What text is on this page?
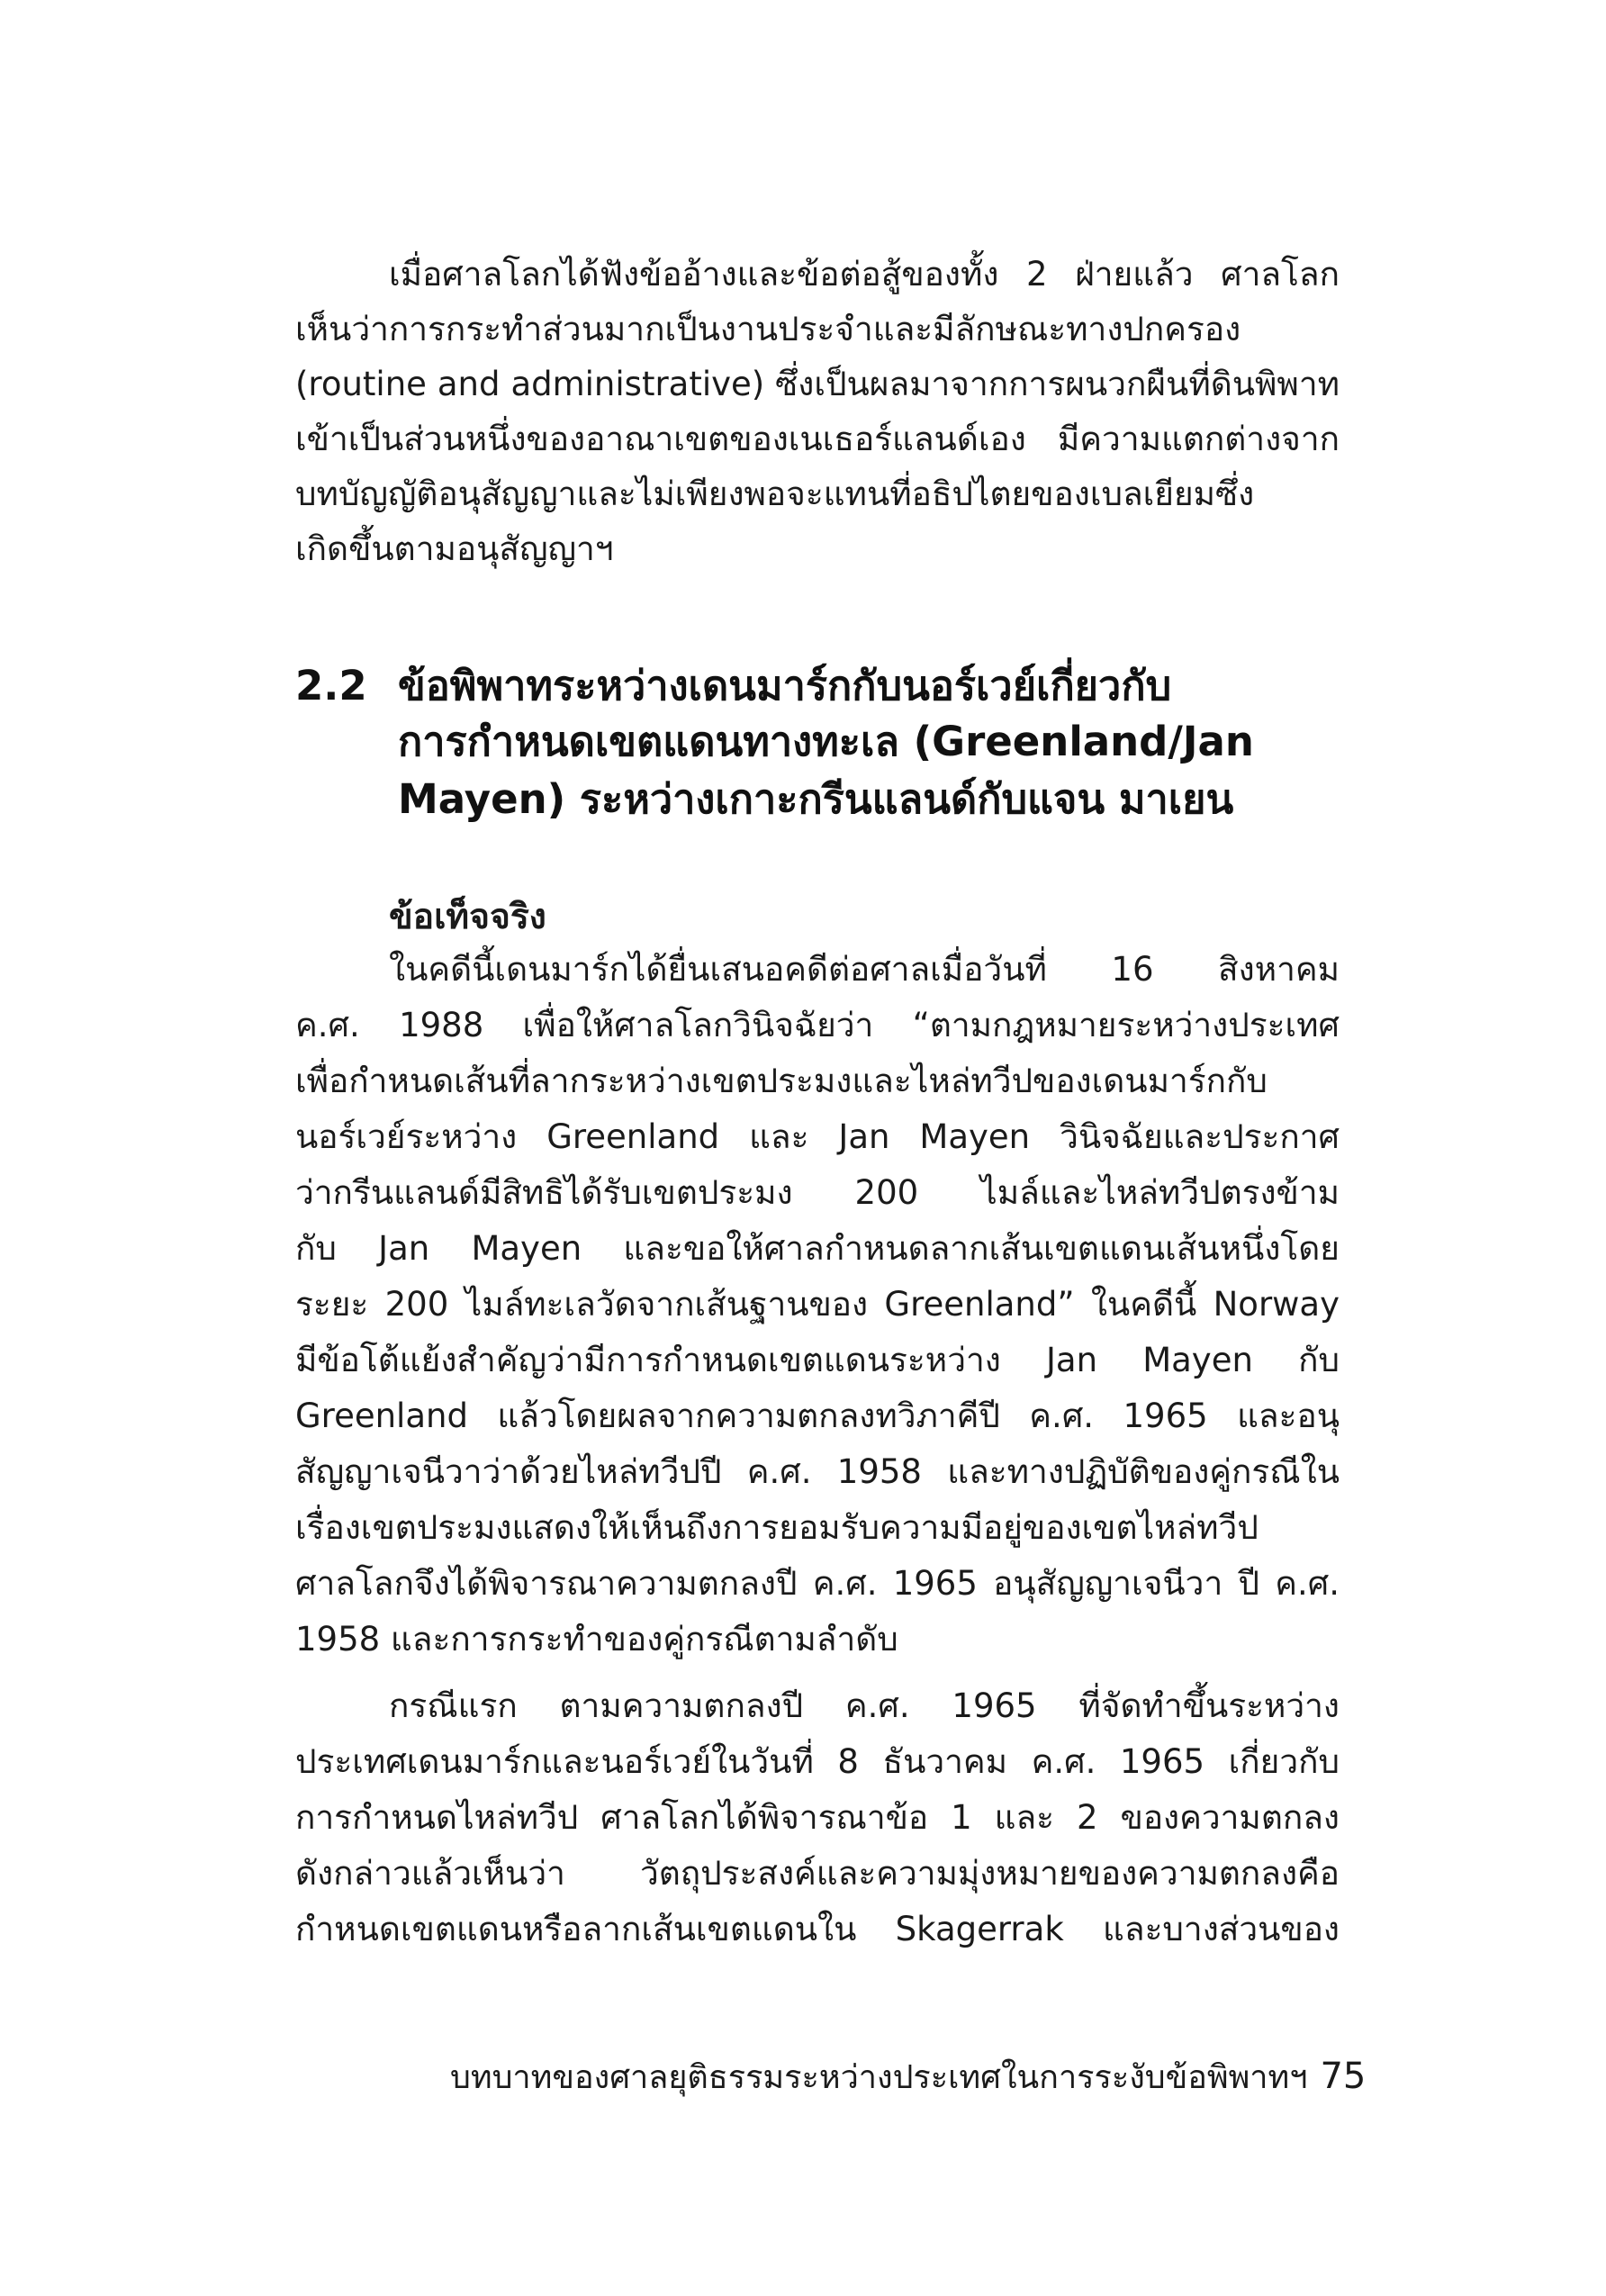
เมื่อศาลโลกได้ฟังข้ออ้างและข้อต่อสู้ของทั้ง 2 ฝ่ายแล้ว ศาลโลก
เห็นว่าการกระทำส่วนมากเป็นงานประจำและมีลักษณะทางปกครอง
(routine and administrative) ซึ่งเป็นผลมาจากการผนวกผืนที่ดินพิพาท
เข้าเป็นส่วนหนึ่งของอาณาเขตของเนเธอร์แลนด์เอง มีความแตกต่างจาก
บทบัญญัติอนุสัญญาและไม่เพียงพอจะแทนที่อธิปไตยของเบลเยียมซึ่ง
เกิดขึ้นตามอนุสัญญาฯ
2.2 ข้อพิพาทระหว่างเดนมาร์กกับนอร์เวย์เกี่ยวกับ
การกำหนดเขตแดนทางทะเล (Greenland/Jan
Mayen) ระหว่างเกาะกรีนแลนด์กับแจน มาเยน
ข้อเท็จจริง
ในคดีนี้เดนมาร์กได้ยื่นเสนอคดีต่อศาลเมื่อวันที่ 16 สิงหาคม
ค.ศ. 1988 เพื่อให้ศาลโลกวินิจฉัยว่า “ตามกฎหมายระหว่างประเทศ
เพื่อกำหนดเส้นที่ลากระหว่างเขตประมงและไหล่ทวีปของเดนมาร์กกับ
นอร์เวย์ระหว่าง Greenland และ Jan Mayen วินิจฉัยและประกาศ
ว่ากรีนแลนด์มีสิทธิได้รับเขตประมง 200 ไมล์และไหล่ทวีปตรงข้าม
กับ Jan Mayen และขอให้ศาลกำหนดลากเส้นเขตแดนเส้นหนึ่งโดย
ระยะ 200 ไมล์ทะเลวัดจากเส้นฐานของ Greenland” ในคดีนี้ Norway
มีข้อโต้แย้งสำคัญว่ามีการกำหนดเขตแดนระหว่าง Jan Mayen กับ
Greenland แล้วโดยผลจากความตกลงทวิภาคีปี ค.ศ. 1965 และอนุ
สัญญาเจนีวาว่าด้วยไหล่ทวีปปี ค.ศ. 1958 และทางปฏิบัติของคู่กรณีใน
เรื่องเขตประมงแสดงให้เห็นถึงการยอมรับความมีอยู่ของเขตไหล่ทวีป
ศาลโลกจึงได้พิจารณาความตกลงปี ค.ศ. 1965 อนุสัญญาเจนีวา ปี ค.ศ.
1958 และการกระทำของคู่กรณีตามลำดับ
กรณีแรก ตามความตกลงปี ค.ศ. 1965 ที่จัดทำขึ้นระหว่าง
ประเทศเดนมาร์กและนอร์เวย์ในวันที่ 8 ธันวาคม ค.ศ. 1965 เกี่ยวกับ
การกำหนดไหล่ทวีป ศาลโลกได้พิจารณาข้อ 1 และ 2 ของความตกลง
ดังกล่าวแล้วเห็นว่า วัตถุประสงค์และความมุ่งหมายของความตกลงคือ
กำหนดเขตแดนหรือลากเส้นเขตแดนใน Skagerrak และบางส่วนของ
บทบาทของศาลยุติธรรมระหว่างประเทศในการระงับข้อพิพาทฯ 75
